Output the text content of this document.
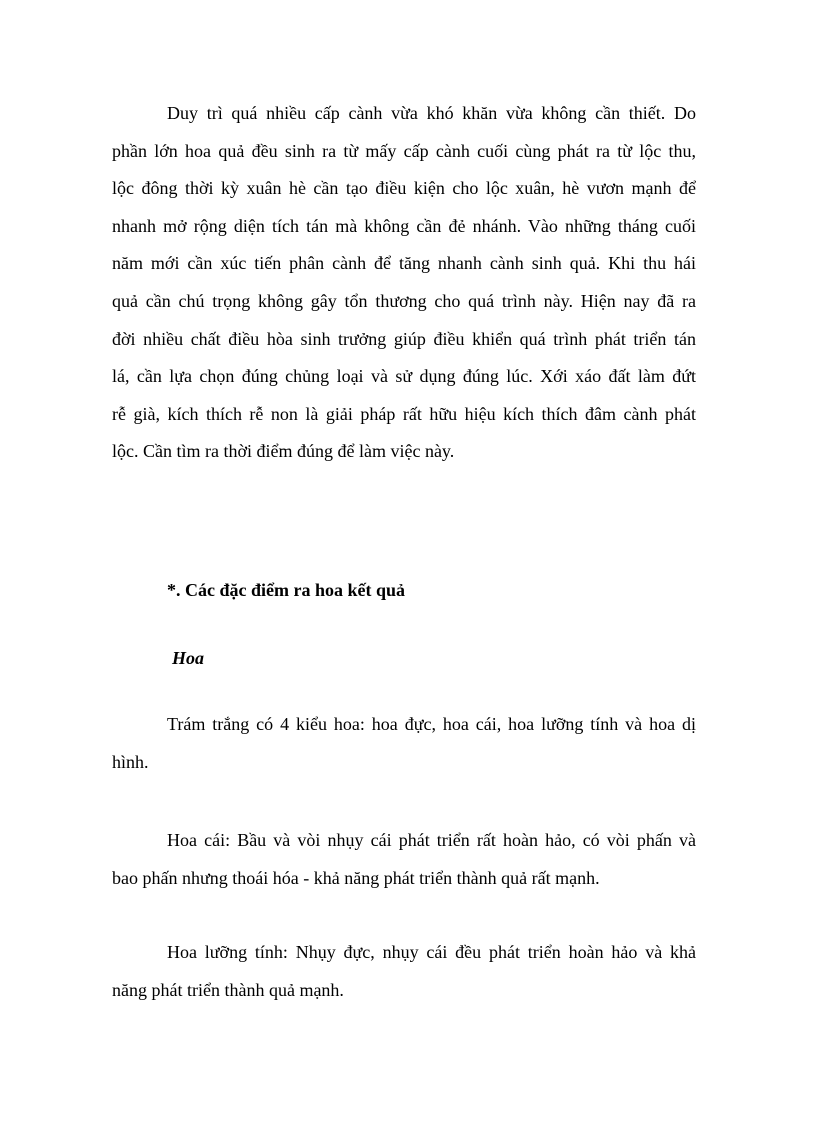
Duy trì quá nhiều cấp cành vừa khó khăn vừa không cần thiết. Do
phần lớn hoa quả đều sinh ra từ mấy cấp cành cuối cùng phát ra từ lộc thu,
lộc đông thời kỳ xuân hè cần tạo điều kiện cho lộc xuân, hè vươn mạnh để
nhanh mở rộng diện tích tán mà không cần đẻ nhánh. Vào những tháng cuối
năm mới cần xúc tiến phân cành để tăng nhanh cành sinh quả. Khi thu hái
quả cần chú trọng không gây tổn thương cho quá trình này. Hiện nay đã ra
đời nhiều chất điều hòa sinh trưởng giúp điều khiển quá trình phát triển tán
lá, cần lựa chọn đúng chủng loại và sử dụng đúng lúc. Xới xáo đất làm đứt
rễ già, kích thích rễ non là giải pháp rất hữu hiệu kích thích đâm cành phát
lộc. Cần tìm ra thời điểm đúng để làm việc này.

*. Các đặc điểm ra hoa kết quả

Hoa

Trám trắng có 4 kiểu hoa: hoa đực, hoa cái, hoa lưỡng tính và hoa dị
hình.

Hoa cái: Bầu và vòi nhụy cái phát triển rất hoàn hảo, có vòi phấn và
bao phấn nhưng thoái hóa - khả năng phát triển thành quả rất mạnh.

Hoa lưỡng tính: Nhụy đực, nhụy cái đều phát triển hoàn hảo và khả
năng phát triển thành quả mạnh.
